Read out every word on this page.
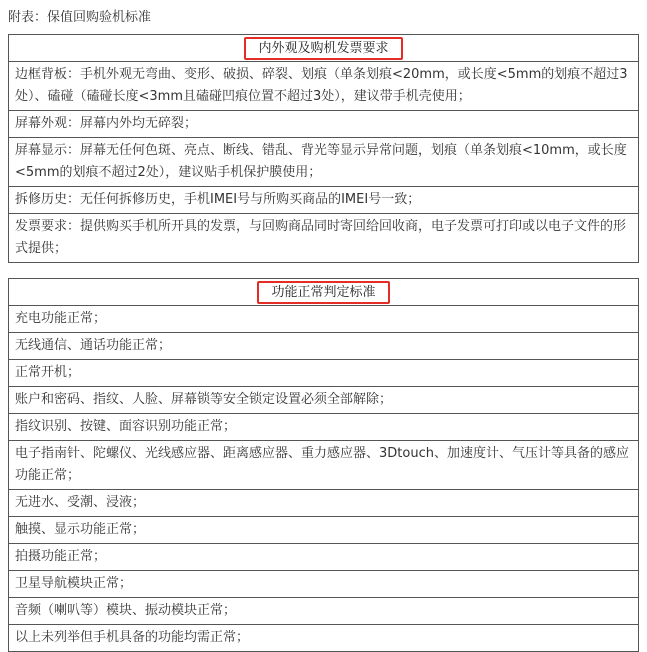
附表：保值回购验机标准
内外观及购机发票要求
边框背板：手机外观无弯曲、变形、破损、碎裂、划痕（单条划痕<20mm，或长度<5mm的划痕不超过3处）、磕碰（磕碰长度<3mm且磕碰凹痕位置不超过3处），建议带手机壳使用；
屏幕外观：屏幕内外均无碎裂；
屏幕显示：屏幕无任何色斑、亮点、断线、错乱、背光等显示异常问题，划痕（单条划痕<10mm，或长度<5mm的划痕不超过2处），建议贴手机保护膜使用；
拆修历史：无任何拆修历史，手机IMEI号与所购买商品的IMEI号一致；
发票要求：提供购买手机所开具的发票，与回购商品同时寄回给回收商，电子发票可打印或以电子文件的形式提供；
功能正常判定标准
充电功能正常；
无线通信、通话功能正常；
正常开机；
账户和密码、指纹、人脸、屏幕锁等安全锁定设置必须全部解除；
指纹识别、按键、面容识别功能正常；
电子指南针、陀螺仪、光线感应器、距离感应器、重力感应器、3Dtouch、加速度计、气压计等具备的感应功能正常；
无进水、受潮、浸液；
触摸、显示功能正常；
拍摄功能正常；
卫星导航模块正常；
音频（喇叭等）模块、振动模块正常；
以上未列举但手机具备的功能均需正常；
